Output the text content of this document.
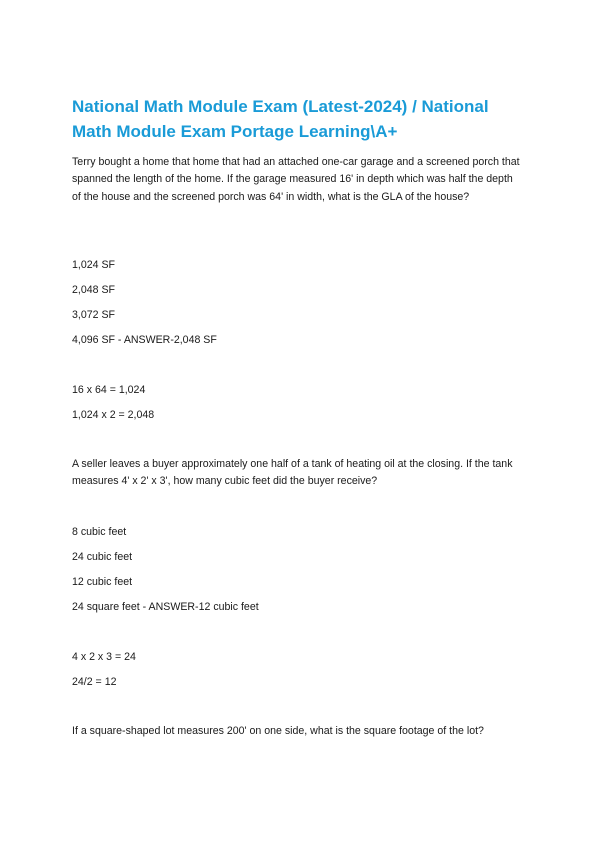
National Math Module Exam (Latest-2024) / National Math Module Exam Portage Learning\A+

Terry bought a home that home that had an attached one-car garage and a screened porch that spanned the length of the home. If the garage measured 16' in depth which was half the depth of the house and the screened porch was 64' in width, what is the GLA of the house?

1,024 SF

2,048 SF

3,072 SF

4,096 SF - ANSWER-2,048 SF

16 x 64 = 1,024

1,024 x 2 = 2,048

A seller leaves a buyer approximately one half of a tank of heating oil at the closing. If the tank measures 4' x 2' x 3', how many cubic feet did the buyer receive?

8 cubic feet

24 cubic feet

12 cubic feet

24 square feet - ANSWER-12 cubic feet

4 x 2 x 3 = 24

24/2 = 12

If a square-shaped lot measures 200' on one side, what is the square footage of the lot?
